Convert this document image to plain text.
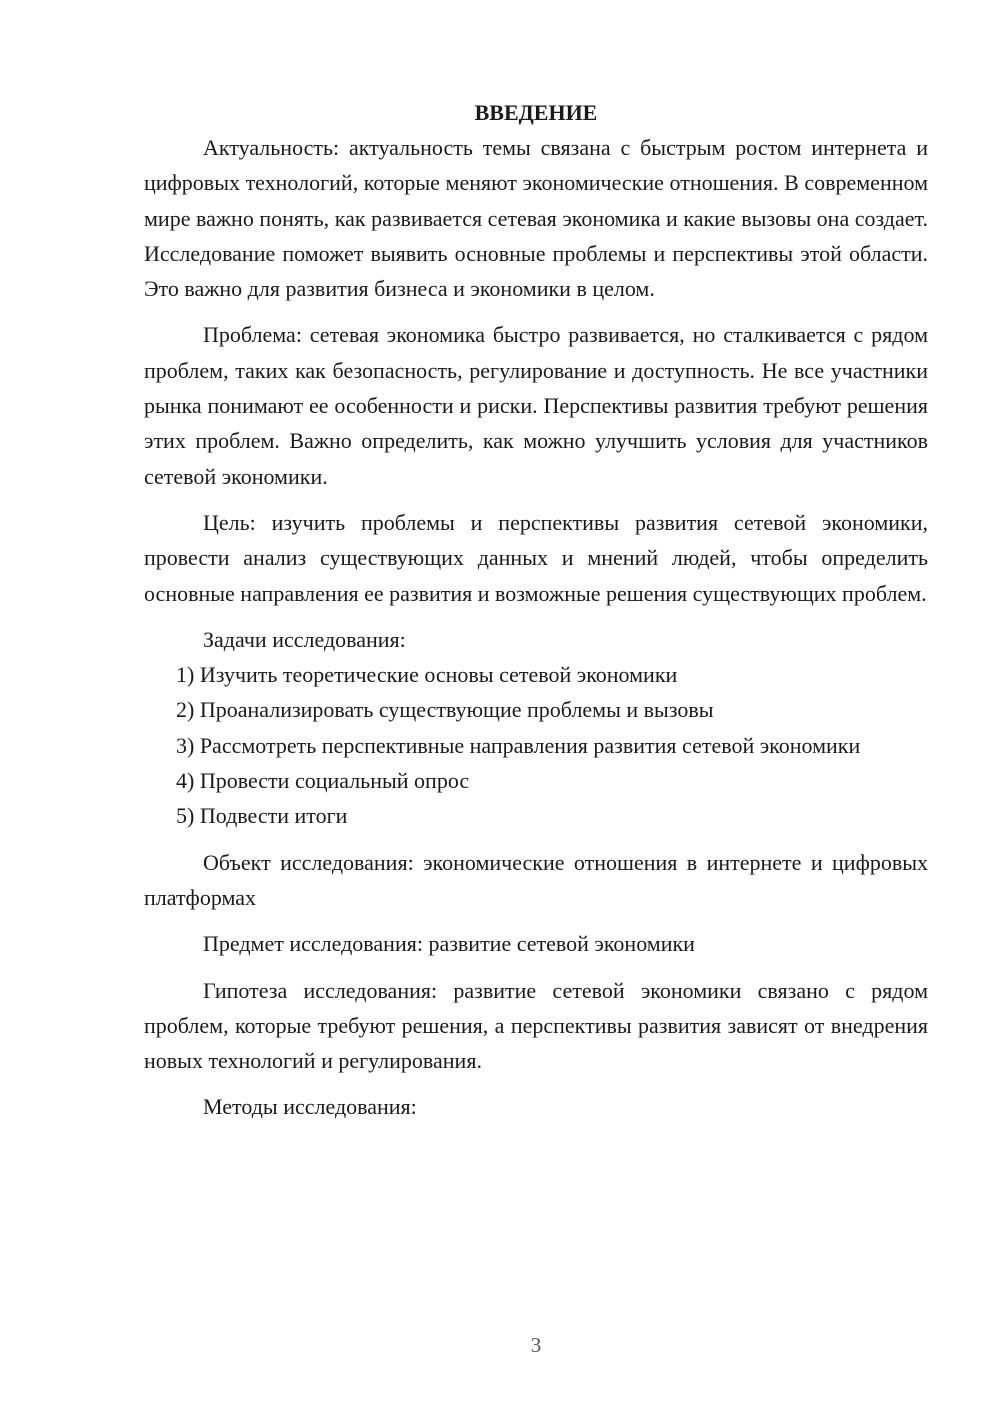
ВВЕДЕНИЕ

Актуальность: актуальность темы связана с быстрым ростом интернета и цифровых технологий, которые меняют экономические отношения. В современном мире важно понять, как развивается сетевая экономика и какие вызовы она создает. Исследование поможет выявить основные проблемы и перспективы этой области. Это важно для развития бизнеса и экономики в целом.

Проблема: сетевая экономика быстро развивается, но сталкивается с рядом проблем, таких как безопасность, регулирование и доступность. Не все участники рынка понимают ее особенности и риски. Перспективы развития требуют решения этих проблем. Важно определить, как можно улучшить условия для участников сетевой экономики.

Цель: изучить проблемы и перспективы развития сетевой экономики, провести анализ существующих данных и мнений людей, чтобы определить основные направления ее развития и возможные решения существующих проблем.

Задачи исследования:

1) Изучить теоретические основы сетевой экономики

2) Проанализировать существующие проблемы и вызовы

3) Рассмотреть перспективные направления развития сетевой экономики

4) Провести социальный опрос

5) Подвести итоги

Объект исследования: экономические отношения в интернете и цифровых платформах

Предмет исследования: развитие сетевой экономики

Гипотеза исследования: развитие сетевой экономики связано с рядом проблем, которые требуют решения, а перспективы развития зависят от внедрения новых технологий и регулирования.

Методы исследования:

3
